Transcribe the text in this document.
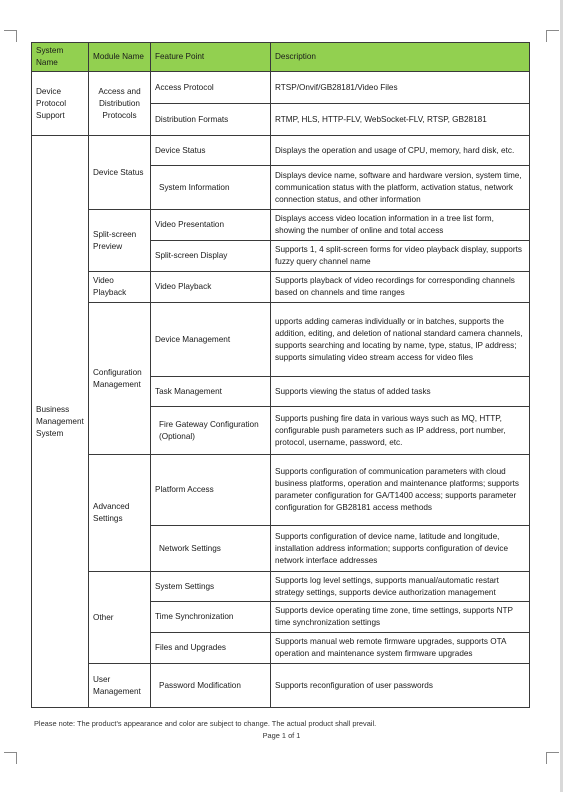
System Name	Module Name	Feature Point	Description
Device Protocol Support	Access and Distribution Protocols	Access Protocol	RTSP/Onvif/GB28181/Video Files
		Distribution Formats	RTMP, HLS, HTTP-FLV, WebSocket-FLV, RTSP, GB28181
Business Management System	Device Status	Device Status	Displays the operation and usage of CPU, memory, hard disk, etc.
		System Information	Displays device name, software and hardware version, system time, communication status with the platform, activation status, network connection status, and other information
	Split-screen Preview	Video Presentation	Displays access video location information in a tree list form, showing the number of online and total access
		Split-screen Display	Supports 1, 4 split-screen forms for video playback display, supports fuzzy query channel name
	Video Playback	Video Playback	Supports playback of video recordings for corresponding channels based on channels and time ranges
	Configuration Management	Device Management	upports adding cameras individually or in batches, supports the addition, editing, and deletion of national standard camera channels, supports searching and locating by name, type, status, IP address; supports simulating video stream access for video files
		Task Management	Supports viewing the status of added tasks
		Fire Gateway Configuration (Optional)	Supports pushing fire data in various ways such as MQ, HTTP, configurable push parameters such as IP address, port number, protocol, username, password, etc.
	Advanced Settings	Platform Access	Supports configuration of communication parameters with cloud business platforms, operation and maintenance platforms; supports parameter configuration for GA/T1400 access; supports parameter configuration for GB28181 access methods
		Network Settings	Supports configuration of device name, latitude and longitude, installation address information; supports configuration of device network interface addresses
	Other	System Settings	Supports log level settings, supports manual/automatic restart strategy settings, supports device authorization management
		Time Synchronization	Supports device operating time zone, time settings, supports NTP time synchronization settings
		Files and Upgrades	Supports manual web remote firmware upgrades, supports OTA operation and maintenance system firmware upgrades
	User Management	Password Modification	Supports reconfiguration of user passwords
Please note: The product's appearance and color are subject to change. The actual product shall prevail.
Page 1 of 1
